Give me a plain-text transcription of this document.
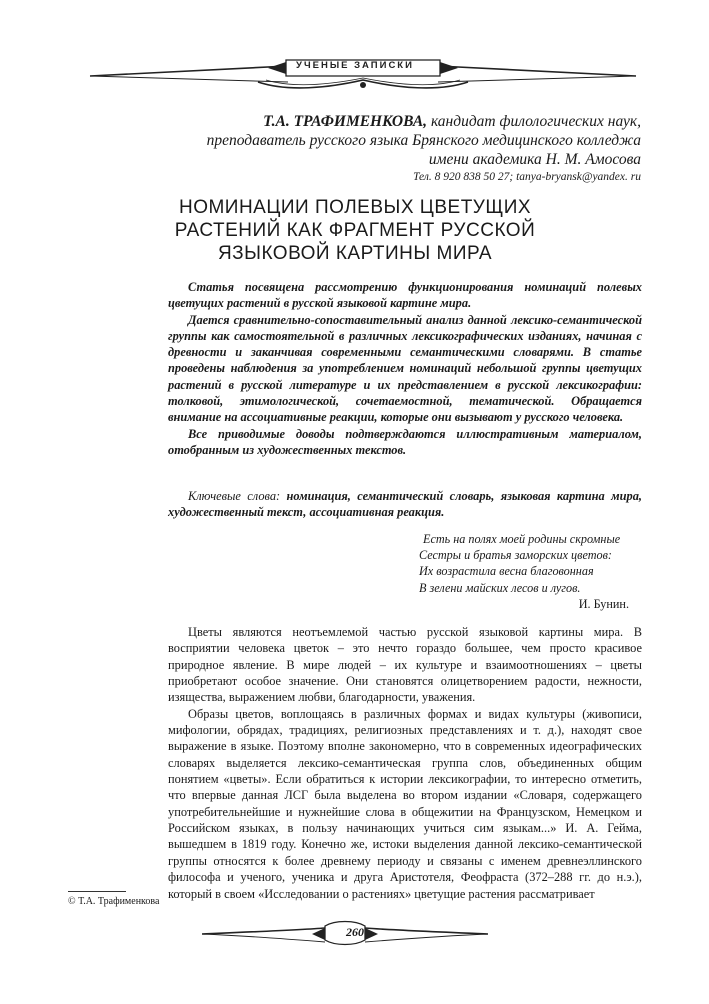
УЧЕНЫЕ ЗАПИСКИ
Т.А. ТРАФИМЕНКОВА, кандидат филологических наук,
преподаватель русского языка Брянского медицинского колледжа
имени академика Н. М. Амосова
Тел. 8 920 838 50 27; tanya-bryansk@yandex. ru
НОМИНАЦИИ ПОЛЕВЫХ ЦВЕТУЩИХ
РАСТЕНИЙ КАК ФРАГМЕНТ РУССКОЙ
ЯЗЫКОВОЙ КАРТИНЫ МИРА

Статья посвящена рассмотрению функционирования номинаций полевых цветущих растений в русской языковой картине мира.

Дается сравнительно-сопоставительный анализ данной лексико-семантической группы как самостоятельной в различных лексикографических изданиях, начиная с древности и заканчивая современными семантическими словарями. В статье проведены наблюдения за употреблением номинаций небольшой группы цветущих растений в русской литературе и их представлением в русской лексикографии: толковой, этимологической, сочетаемостной, тематической. Обращается внимание на ассоциативные реакции, которые они вызывают у русского человека.

Все приводимые доводы подтверждаются иллюстративным материалом, отобранным из художественных текстов.

Ключевые слова: номинация, семантический словарь, языковая картина мира, художественный текст, ассоциативная реакция.
Есть на полях моей родины скромные
Сестры и братья заморских цветов:
Их возрастила весна благовонная
В зелени майских лесов и лугов.
И. Бунин.

Цветы являются неотъемлемой частью русской языковой картины мира. В восприятии человека цветок – это нечто гораздо большее, чем просто красивое природное явление. В мире людей – их культуре и взаимоотношениях – цветы приобретают особое значение. Они становятся олицетворением радости, нежности, изящества, выражением любви, благодарности, уважения.

Образы цветов, воплощаясь в различных формах и видах культуры (живописи, мифологии, обрядах, традициях, религиозных представлениях и т. д.), находят свое выражение в языке. Поэтому вполне закономерно, что в современных идеографических словарях выделяется лексико-семантическая группа слов, объединенных общим понятием «цветы». Если обратиться к истории лексикографии, то интересно отметить, что впервые данная ЛСГ была выделена во втором издании «Словаря, содержащего употребительнейшие и нужнейшие слова в общежитии на Французском, Немецком и Российском языках, в пользу начинающих учиться сим языкам...» И. А. Гейма, вышедшем в 1819 году. Конечно же, истоки выделения данной лексико-семантической группы относятся к более древнему периоду и связаны с именем древнеэллинского философа и ученого, ученика и друга Аристотеля, Феофраста (372–288 гг. до н.э.), который в своем «Исследовании о растениях» цветущие растения рассматривает

© Т.А. Трафименкова
260
